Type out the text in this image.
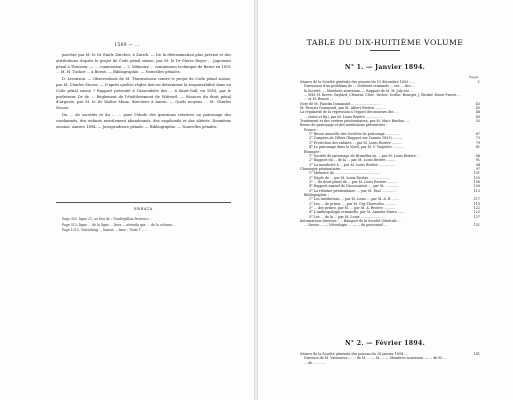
1589 — ...

parcher par M. le Dr Emile Zürcher, à Zurich. — De la détermination plus précise et des attributions d'après le projet de Code pénal suisse, par M. le Dr Pierre Reyer ... Jugement pénal à Thiessen. — ... commission ... 2. Mémoire ... commission technique de Berne en 1892 ... M. H. Tucker ... à Berne. — Bibliographie. — Nouvelles pénales.

D. Livraison. — Observations de M. Thornsensen contre le projet de Code pénal suisse, par M. Charles Stooss. — D'après quelles règles doit-on déterminer la responsabilité dans un Code pénal suisse ? Rapport présenté à l'Assemblée des ... à Saint-Gall, en 1893, par le professeur Dr de ... Règlement de l'établissement de Wittswil. — Séances du droit pénal d'Argovie, par M. le Dr Walter Munz, directeur à Aarau. — Quels moyens ... M. Charles Stooss.

Du ... de sociétés et du ... ... pour l'étude des questions relatives au patronage des condamnés, des enfants moralement abandonnés, des vagabonds et des aliénés. Deuxième session. Anvers 1894. — Jurisprudence pénale. — Bibliographie. — Nouvelles pénales.

ERRATA
Page 302, ligne 21, au lieu de : Tondérpillon Pasteurs ...
Page 512, ligne ... de la ligne ... lisez ... attendu que ... de la colonne ...
Page 1215, Vertiefung ... liaison ... lisez : Toute l'... ...
TABLE DU DIX-HUITIÈME VOLUME
N° 1. — Janvier 1894.
Pages
Séance de la Société générale des prisons du 13 décembre 1893 ......	1
Discussion d'un problème de ... d'aliénés criminels ... ses ... des ...
la Société, — Membres nouveaux. — Rapport de M. H. Joly sur ...
... MM. H. Breve, Gaylard, Clément, Clerc, Vacher, Scribe, Bourget, J. Becker, Henri Pruvot ...
... et M. Benoit ...
Note de M. Faustin Dommond ...........................	43
M. Parnatz Dommond, par M. Albert Rivière ..........	45
La régularité de la répression à l'égard des mineurs des ...	48
... (suite et fin), par M. Louis Rivière ...............	49
Traitement et des centres pénitentiaires, par M. Marc Bardon .....	55
Revue de patronage et des institutions préventives :
France :
1° Revue annuelle des Sociétés de patronage .............	67
2° Comptes de Villers (Rapport sur l'année 1893) ..........	73
3° Protection des enfants ... par M. Louis Rivière ..........	79
4° Le patronage dans le Nord, par M. V. Vaquette ..........	81
Étranger :
1° Société de patronage de Bruxelles en ... par M. Louis Rivière ..	88
2° Rapport du ... de la ... par M. Louis Rivière .........	91
3° La mendicité à ... par M. Louis Rivière ..............	94
Chronique pénitentiaire : ...........................	97
1° Mémoire de ... .......................................	101
2° Dépôt de ... par M. Louis Rivière ....................	103
3° ... du droit pénal de ... par M. Louis Rivière ..........	106
4° Rapport annuel de l'Association ..., par M. ... .........	109
5° La réforme pénitentiaire ..., par M. Paul ... ..........	113
Bibliographie :
1° Les institutions ... par M. Louis ... par M. A. R. ......	117
2° Les ... de prison ..., par M. Guy Thiercelin ..........	119
3° ... des peines, par M. ... par M. A. Rivière ...........	122
4° L'anthropologie criminelle, par M. Antoine Marro .......	123
5° Les ... de la ... par M. Louis ... ....................	127
Informations diverses : ... Banquet de la Société Générale ...
... Savoie ... — Nécrologie ... — ... du personnel ...	131
N° 2. — Février 1894.
Séance de la Société générale des prisons du 24 janvier 1894 ....	141
Discours de M. Vavasseur — ... de M. ... — M. ... — Membres nouveaux. — ... de M. ...
... de ... ... ...
